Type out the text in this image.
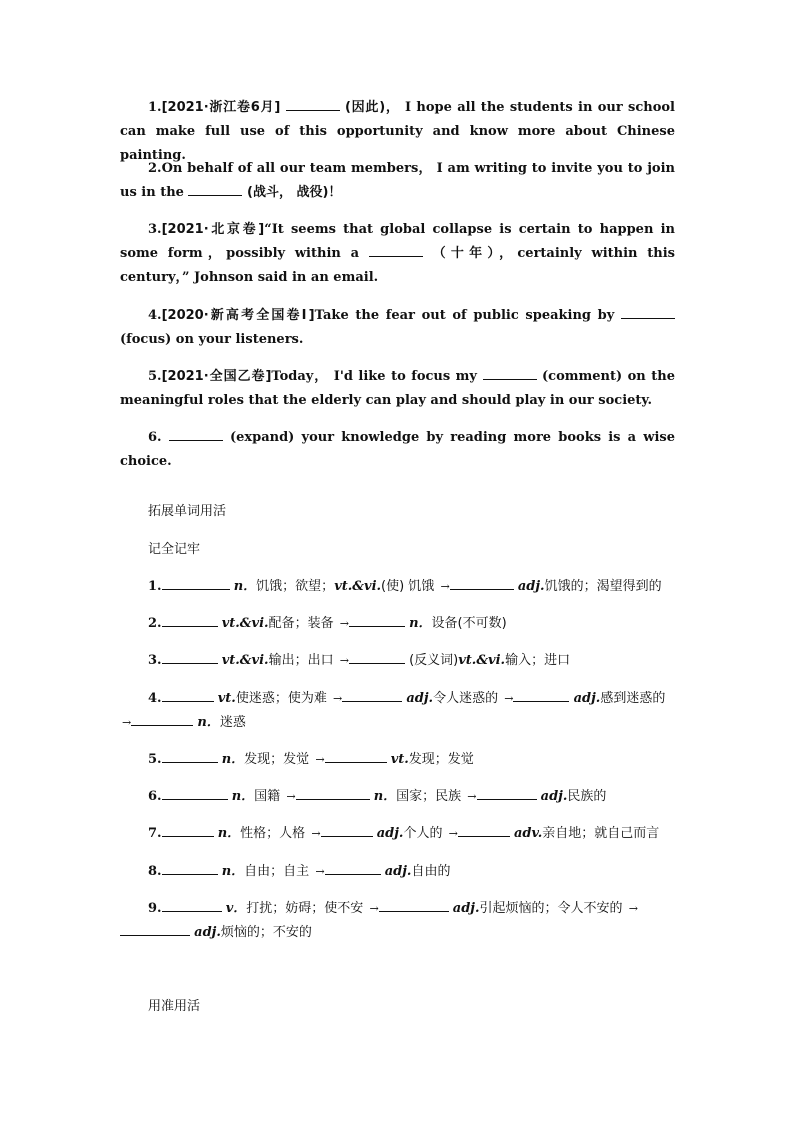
1.[2021·浙江卷6月]	(因此)， I hope all the students in our school can make full use of this opportunity and know more about Chinese painting.
2.On behalf of all our team members， I am writing to invite you to join us in the	(战斗， 战役)！
3.[2021·北京卷]“It seems that global collapse is certain to happen in some form，possibly within a	（十年），certainly within this century，” Johnson said in an email.
4.[2020·新高考全国卷Ⅰ]Take the fear out of public speaking by  (focus) on your listeners.
5.[2021·全国乙卷]Today， I'd like to focus my	(comment) on the meaningful roles that the elderly can play and should play in our society.
6.	(expand) your knowledge by reading more books is a wise choice.
拓展单词用活
记全记牢
1.	n．饥饿；欲望；vt.&vi.(使) 饥饿 →	adj.饥饿的；渴望得到的
2.	vt.&vi.配备；装备 →	n．设备(不可数)
3.	vt.&vi.输出；出口 →	(反义词)vt.&vi.输入；进口
4.	vt.使迷惑；使为难 →	adj.令人迷惑的 →	adj.感到迷惑的 →	n．迷惑
5.	n．发现；发觉 →	vt.发现；发觉
6.	n．国籍 →	n．国家；民族 →	adj.民族的
7.	n．性格；人格 →	adj.个人的 →	adv.亲自地；就自己而言
8.	n．自由；自主 →	adj.自由的
9.	v．打扰；妨碍；使不安 →	adj.引起烦恼的；令人不安的 → adj.烦恼的；不安的
用准用活
